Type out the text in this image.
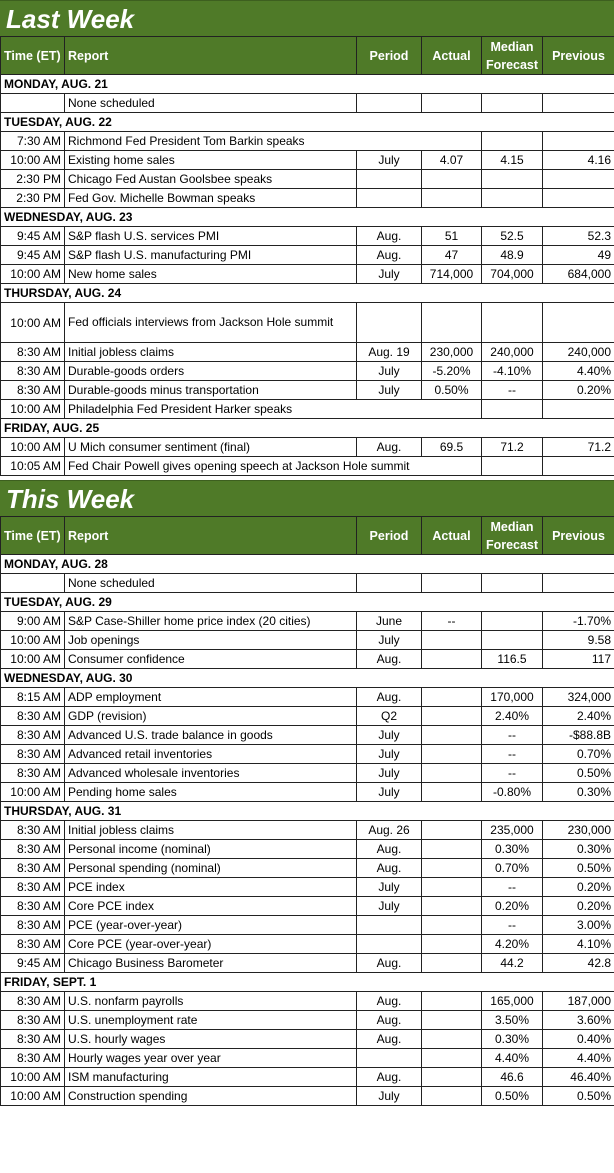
Last Week
Time (ET)	Report	Period	Actual	Median Forecast	Previous
MONDAY, AUG. 21					
	None scheduled				
TUESDAY, AUG. 22					
7:30 AM	Richmond Fed President Tom Barkin speaks				
10:00 AM	Existing home sales	July	4.07	4.15	4.16
2:30 PM	Chicago Fed Austan Goolsbee speaks				
2:30 PM	Fed Gov. Michelle Bowman speaks				
WEDNESDAY, AUG. 23					
9:45 AM	S&P flash U.S. services PMI	Aug.	51	52.5	52.3
9:45 AM	S&P flash U.S. manufacturing PMI	Aug.	47	48.9	49
10:00 AM	New home sales	July	714,000	704,000	684,000
THURSDAY, AUG. 24					
10:00 AM	Fed officials interviews from Jackson Hole summit				
8:30 AM	Initial jobless claims	Aug. 19	230,000	240,000	240,000
8:30 AM	Durable-goods orders	July	-5.20%	-4.10%	4.40%
8:30 AM	Durable-goods minus transportation	July	0.50%	--	0.20%
10:00 AM	Philadelphia Fed President Harker speaks				
FRIDAY, AUG. 25					
10:00 AM	U Mich consumer sentiment (final)	Aug.	69.5	71.2	71.2
10:05 AM	Fed Chair Powell gives opening speech at Jackson Hole summit				
This Week
Time (ET)	Report	Period	Actual	Median Forecast	Previous
MONDAY, AUG. 28					
	None scheduled				
TUESDAY, AUG. 29					
9:00 AM	S&P Case-Shiller home price index (20 cities)	June	--		-1.70%
10:00 AM	Job openings	July			9.58
10:00 AM	Consumer confidence	Aug.		116.5	117
WEDNESDAY, AUG. 30					
8:15 AM	ADP employment	Aug.		170,000	324,000
8:30 AM	GDP (revision)	Q2		2.40%	2.40%
8:30 AM	Advanced U.S. trade balance in goods	July		--	-$88.8B
8:30 AM	Advanced retail inventories	July		--	0.70%
8:30 AM	Advanced wholesale inventories	July		--	0.50%
10:00 AM	Pending home sales	July		-0.80%	0.30%
THURSDAY, AUG. 31					
8:30 AM	Initial jobless claims	Aug. 26		235,000	230,000
8:30 AM	Personal income (nominal)	Aug.		0.30%	0.30%
8:30 AM	Personal spending (nominal)	Aug.		0.70%	0.50%
8:30 AM	PCE index	July		--	0.20%
8:30 AM	Core PCE index	July		0.20%	0.20%
8:30 AM	PCE (year-over-year)			--	3.00%
8:30 AM	Core PCE (year-over-year)			4.20%	4.10%
9:45 AM	Chicago Business Barometer	Aug.		44.2	42.8
FRIDAY, SEPT. 1					
8:30 AM	U.S. nonfarm payrolls	Aug.		165,000	187,000
8:30 AM	U.S. unemployment rate	Aug.		3.50%	3.60%
8:30 AM	U.S. hourly wages	Aug.		0.30%	0.40%
8:30 AM	Hourly wages year over year			4.40%	4.40%
10:00 AM	ISM manufacturing	Aug.		46.6	46.40%
10:00 AM	Construction spending	July		0.50%	0.50%
